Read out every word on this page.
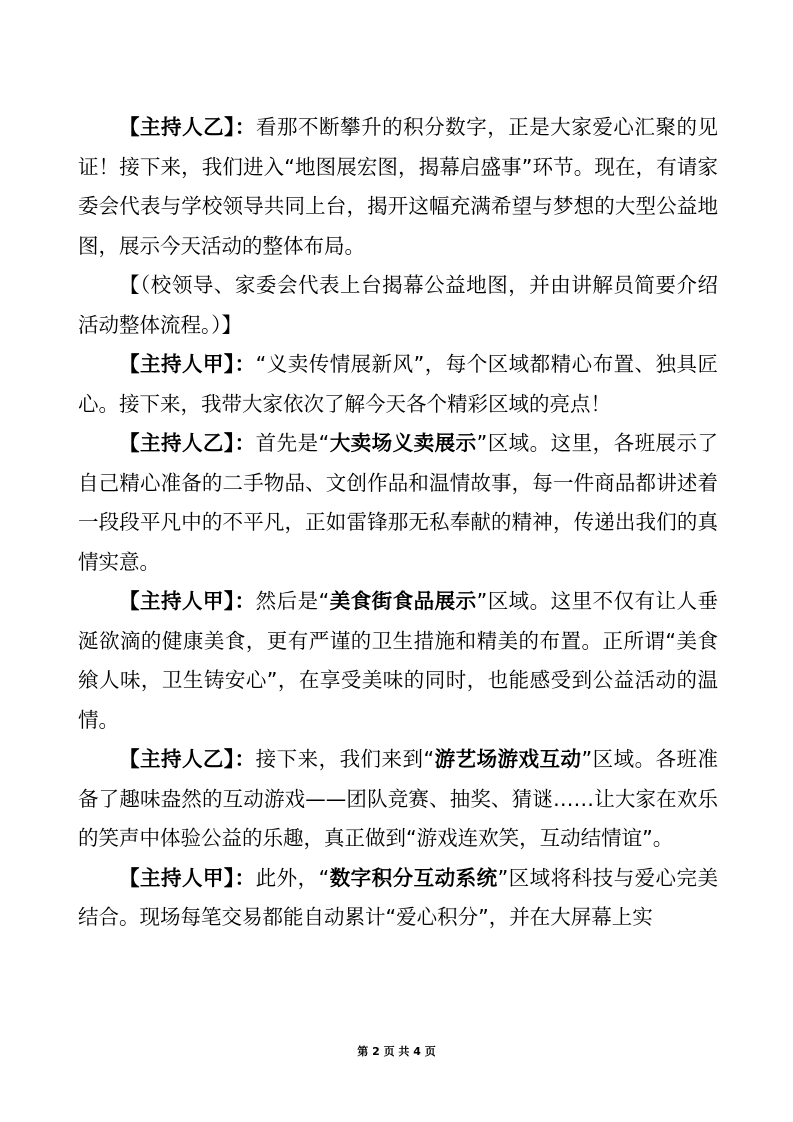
【主持人乙】：看那不断攀升的积分数字，正是大家爱心汇聚的见证！接下来，我们进入“地图展宏图，揭幕启盛事”环节。现在，有请家委会代表与学校领导共同上台，揭开这幅充满希望与梦想的大型公益地图，展示今天活动的整体布局。

【（校领导、家委会代表上台揭幕公益地图，并由讲解员简要介绍活动整体流程。）】

【主持人甲】：“义卖传情展新风”，每个区域都精心布置、独具匠心。接下来，我带大家依次了解今天各个精彩区域的亮点！

【主持人乙】：首先是“大卖场义卖展示”区域。这里，各班展示了自己精心准备的二手物品、文创作品和温情故事，每一件商品都讲述着一段段平凡中的不平凡，正如雷锋那无私奉献的精神，传递出我们的真情实意。

【主持人甲】：然后是“美食街食品展示”区域。这里不仅有让人垂涎欲滴的健康美食，更有严谨的卫生措施和精美的布置。正所谓“美食飨人味，卫生铸安心”，在享受美味的同时，也能感受到公益活动的温情。

【主持人乙】：接下来，我们来到“游艺场游戏互动”区域。各班准备了趣味盎然的互动游戏——团队竞赛、抽奖、猜谜……让大家在欢乐的笑声中体验公益的乐趣，真正做到“游戏连欢笑，互动结情谊”。

【主持人甲】：此外，“数字积分互动系统”区域将科技与爱心完美结合。现场每笔交易都能自动累计“爱心积分”，并在大屏幕上实

第 2 页 共 4 页
